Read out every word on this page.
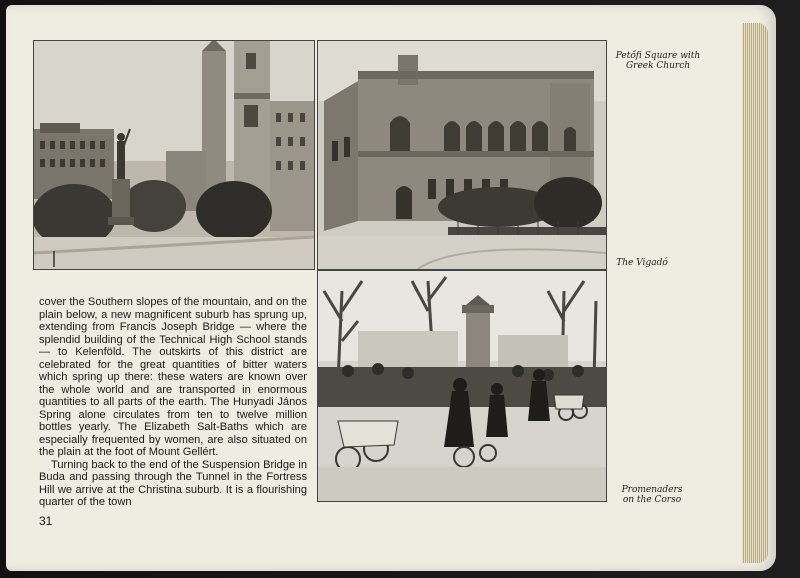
Petőfi Square with
Greek Church
The Vigadó
Promenaders
on the Corso

cover the Southern slopes of the mountain, and on the plain below, a new magnificent suburb has sprung up, extending from Francis Joseph Bridge — where the splendid building of the Technical High School stands — to Kelenföld. The outskirts of this district are celebrated for the great quantities of bitter waters which spring up there: these waters are known over the whole world and are transported in enormous quantities to all parts of the earth. The Hunyadi János Spring alone circulates from ten to twelve million bottles yearly. The Elizabeth Salt-Baths which are especially frequented by women, are also situated on the plain at the foot of Mount Gellért.

Turning back to the end of the Suspension Bridge in Buda and passing through the Tunnel in the Fortress Hill we arrive at the Christina suburb. It is a flourishing quarter of the town

31
